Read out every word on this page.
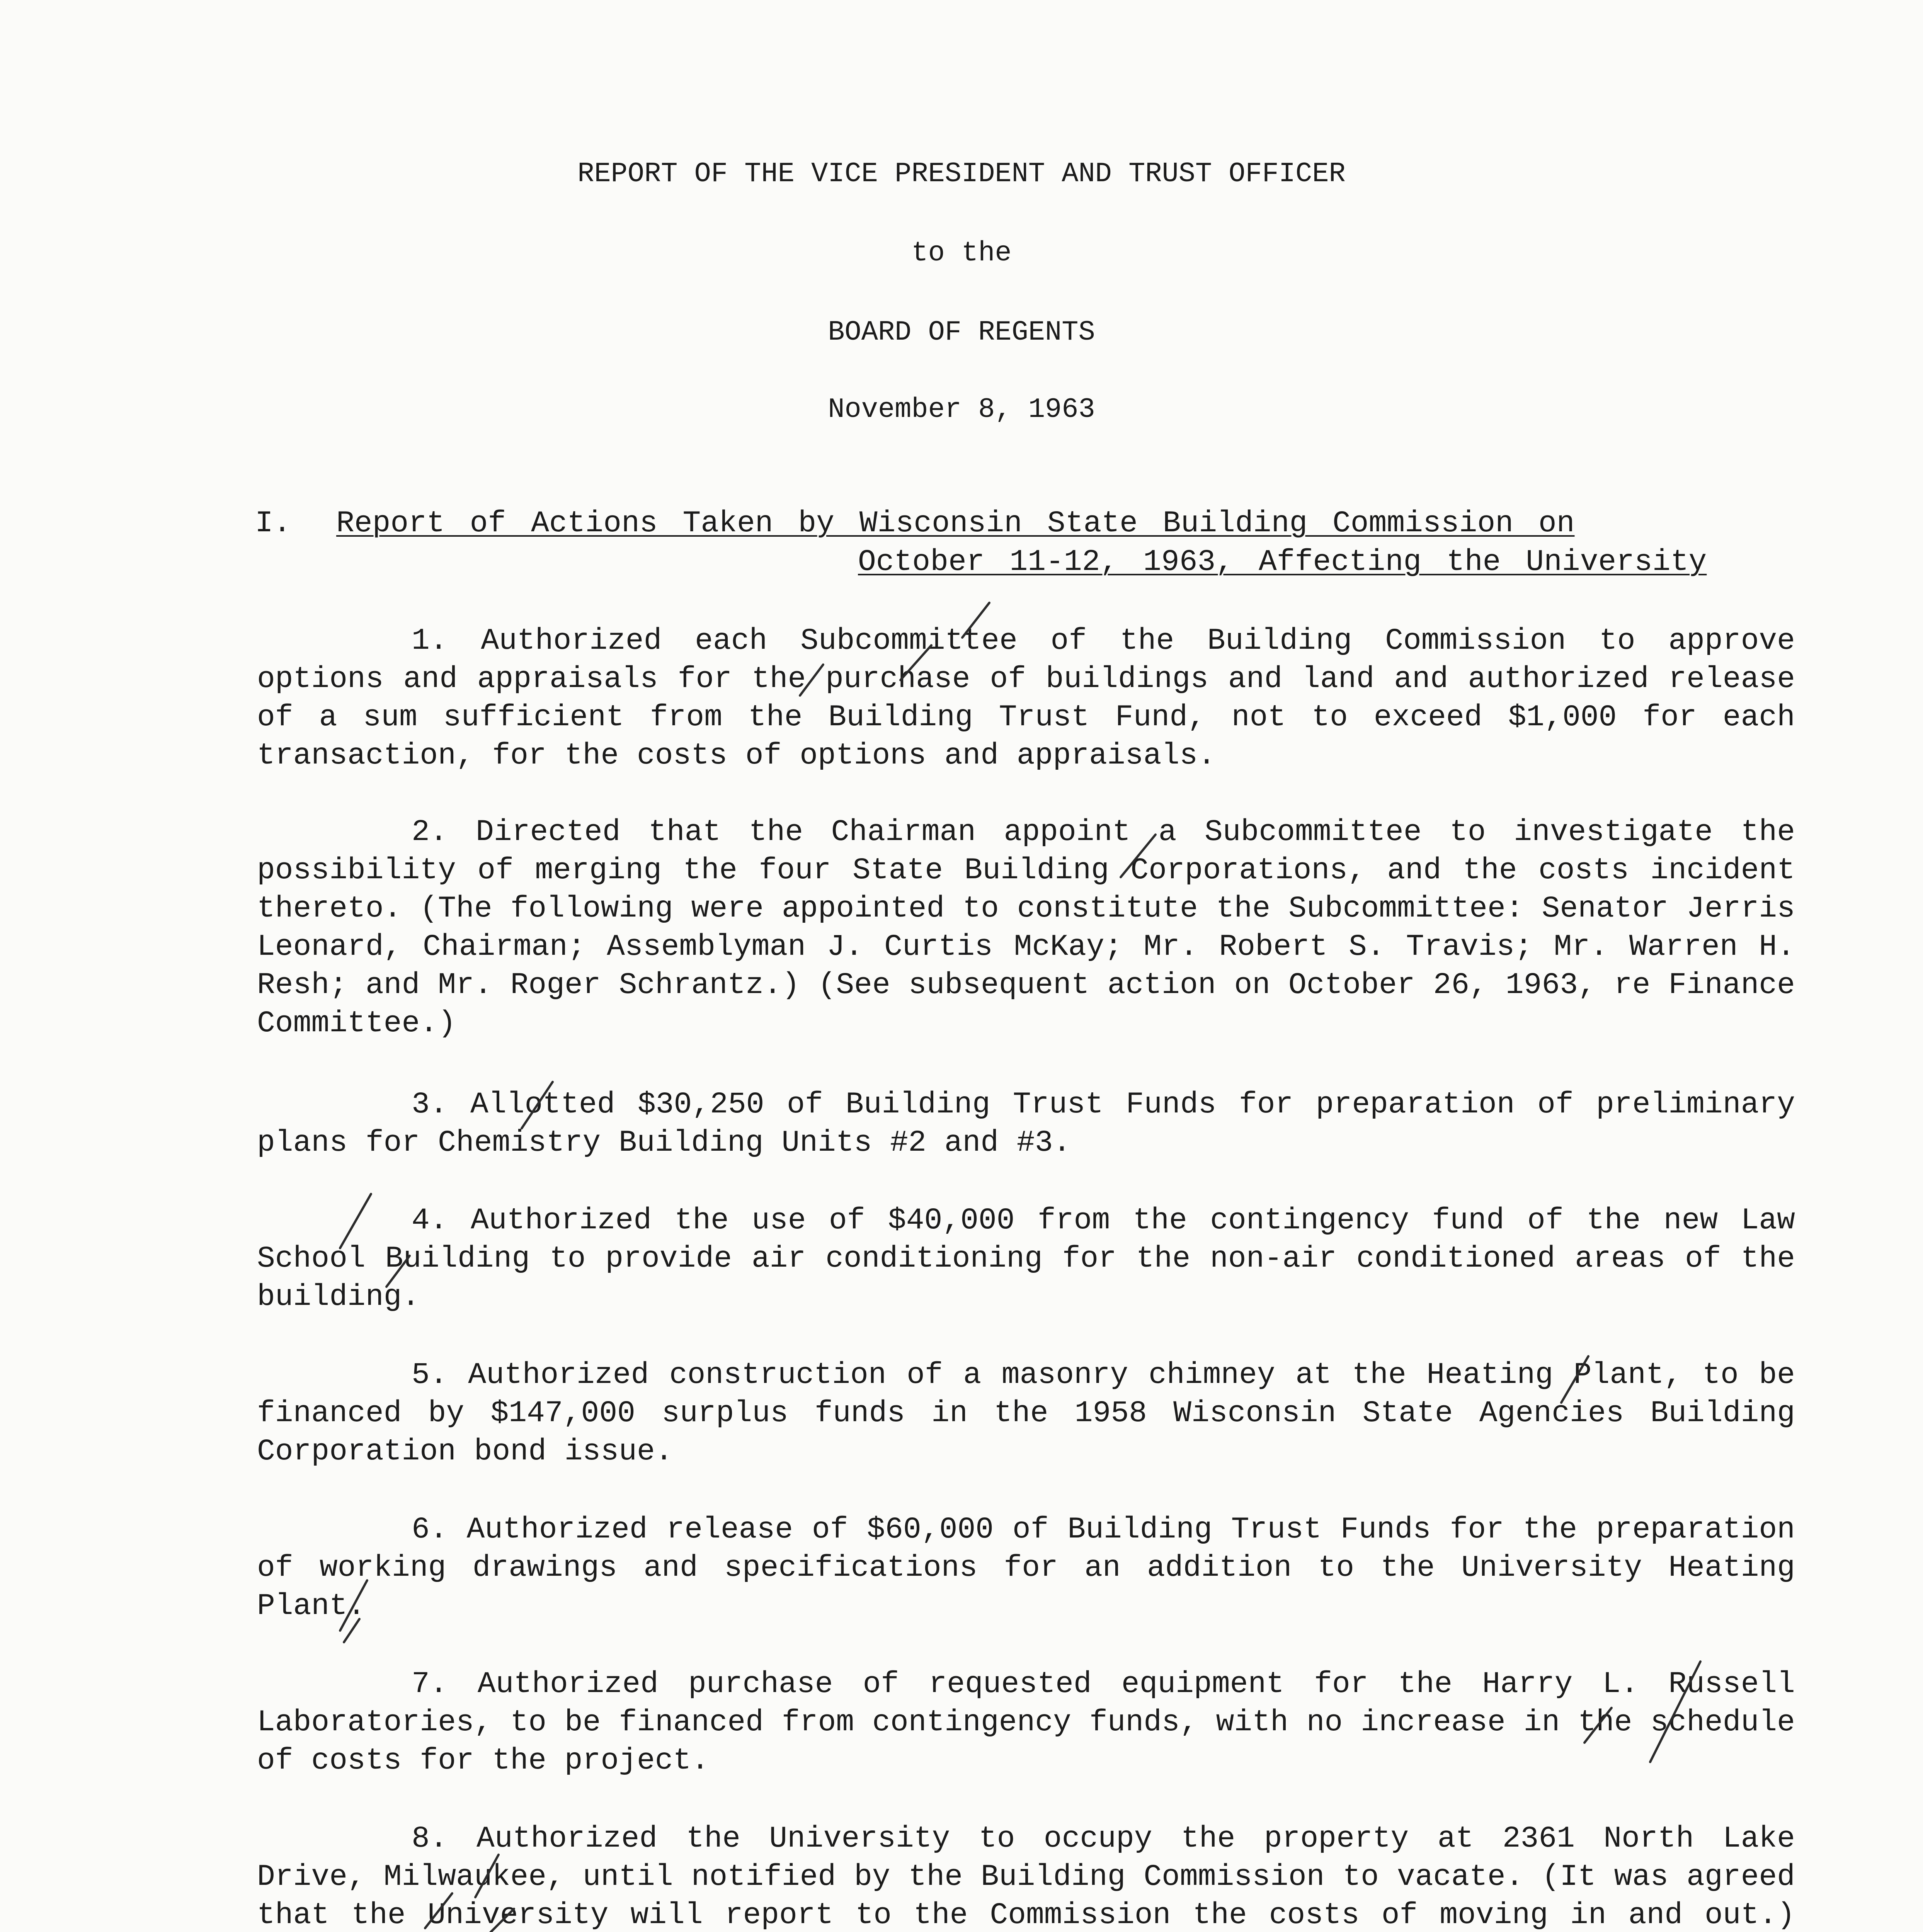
REPORT OF THE VICE PRESIDENT AND TRUST OFFICER
to the
BOARD OF REGENTS
November 8, 1963
I. Report of Actions Taken by Wisconsin State Building Commission on
October 11-12, 1963, Affecting the University

1. Authorized each Subcommittee of the Building Commission to approve options and appraisals for the purchase of buildings and land and authorized release of a sum sufficient from the Building Trust Fund, not to exceed $1,000 for each transaction, for the costs of options and appraisals.

2. Directed that the Chairman appoint a Subcommittee to investigate the possibility of merging the four State Building Corporations, and the costs incident thereto. (The following were appointed to constitute the Subcommittee: Senator Jerris Leonard, Chairman; Assemblyman J. Curtis McKay; Mr. Robert S. Travis; Mr. Warren H. Resh; and Mr. Roger Schrantz.) (See subsequent action on October 26, 1963, re Finance Committee.)

3. Allotted $30,250 of Building Trust Funds for preparation of preliminary plans for Chemistry Building Units #2 and #3.

4. Authorized the use of $40,000 from the contingency fund of the new Law School Building to provide air conditioning for the non-air conditioned areas of the building.

5. Authorized construction of a masonry chimney at the Heating Plant, to be financed by $147,000 surplus funds in the 1958 Wisconsin State Agencies Building Corporation bond issue.

6. Authorized release of $60,000 of Building Trust Funds for the preparation of working drawings and specifications for an addition to the University Heating Plant.

7. Authorized purchase of requested equipment for the Harry L. Russell Laboratories, to be financed from contingency funds, with no increase in the schedule of costs for the project.

8. Authorized the University to occupy the property at 2361 North Lake Drive, Milwaukee, until notified by the Building Commission to vacate. (It was agreed that the University will report to the Commission the costs of moving in and out.)
